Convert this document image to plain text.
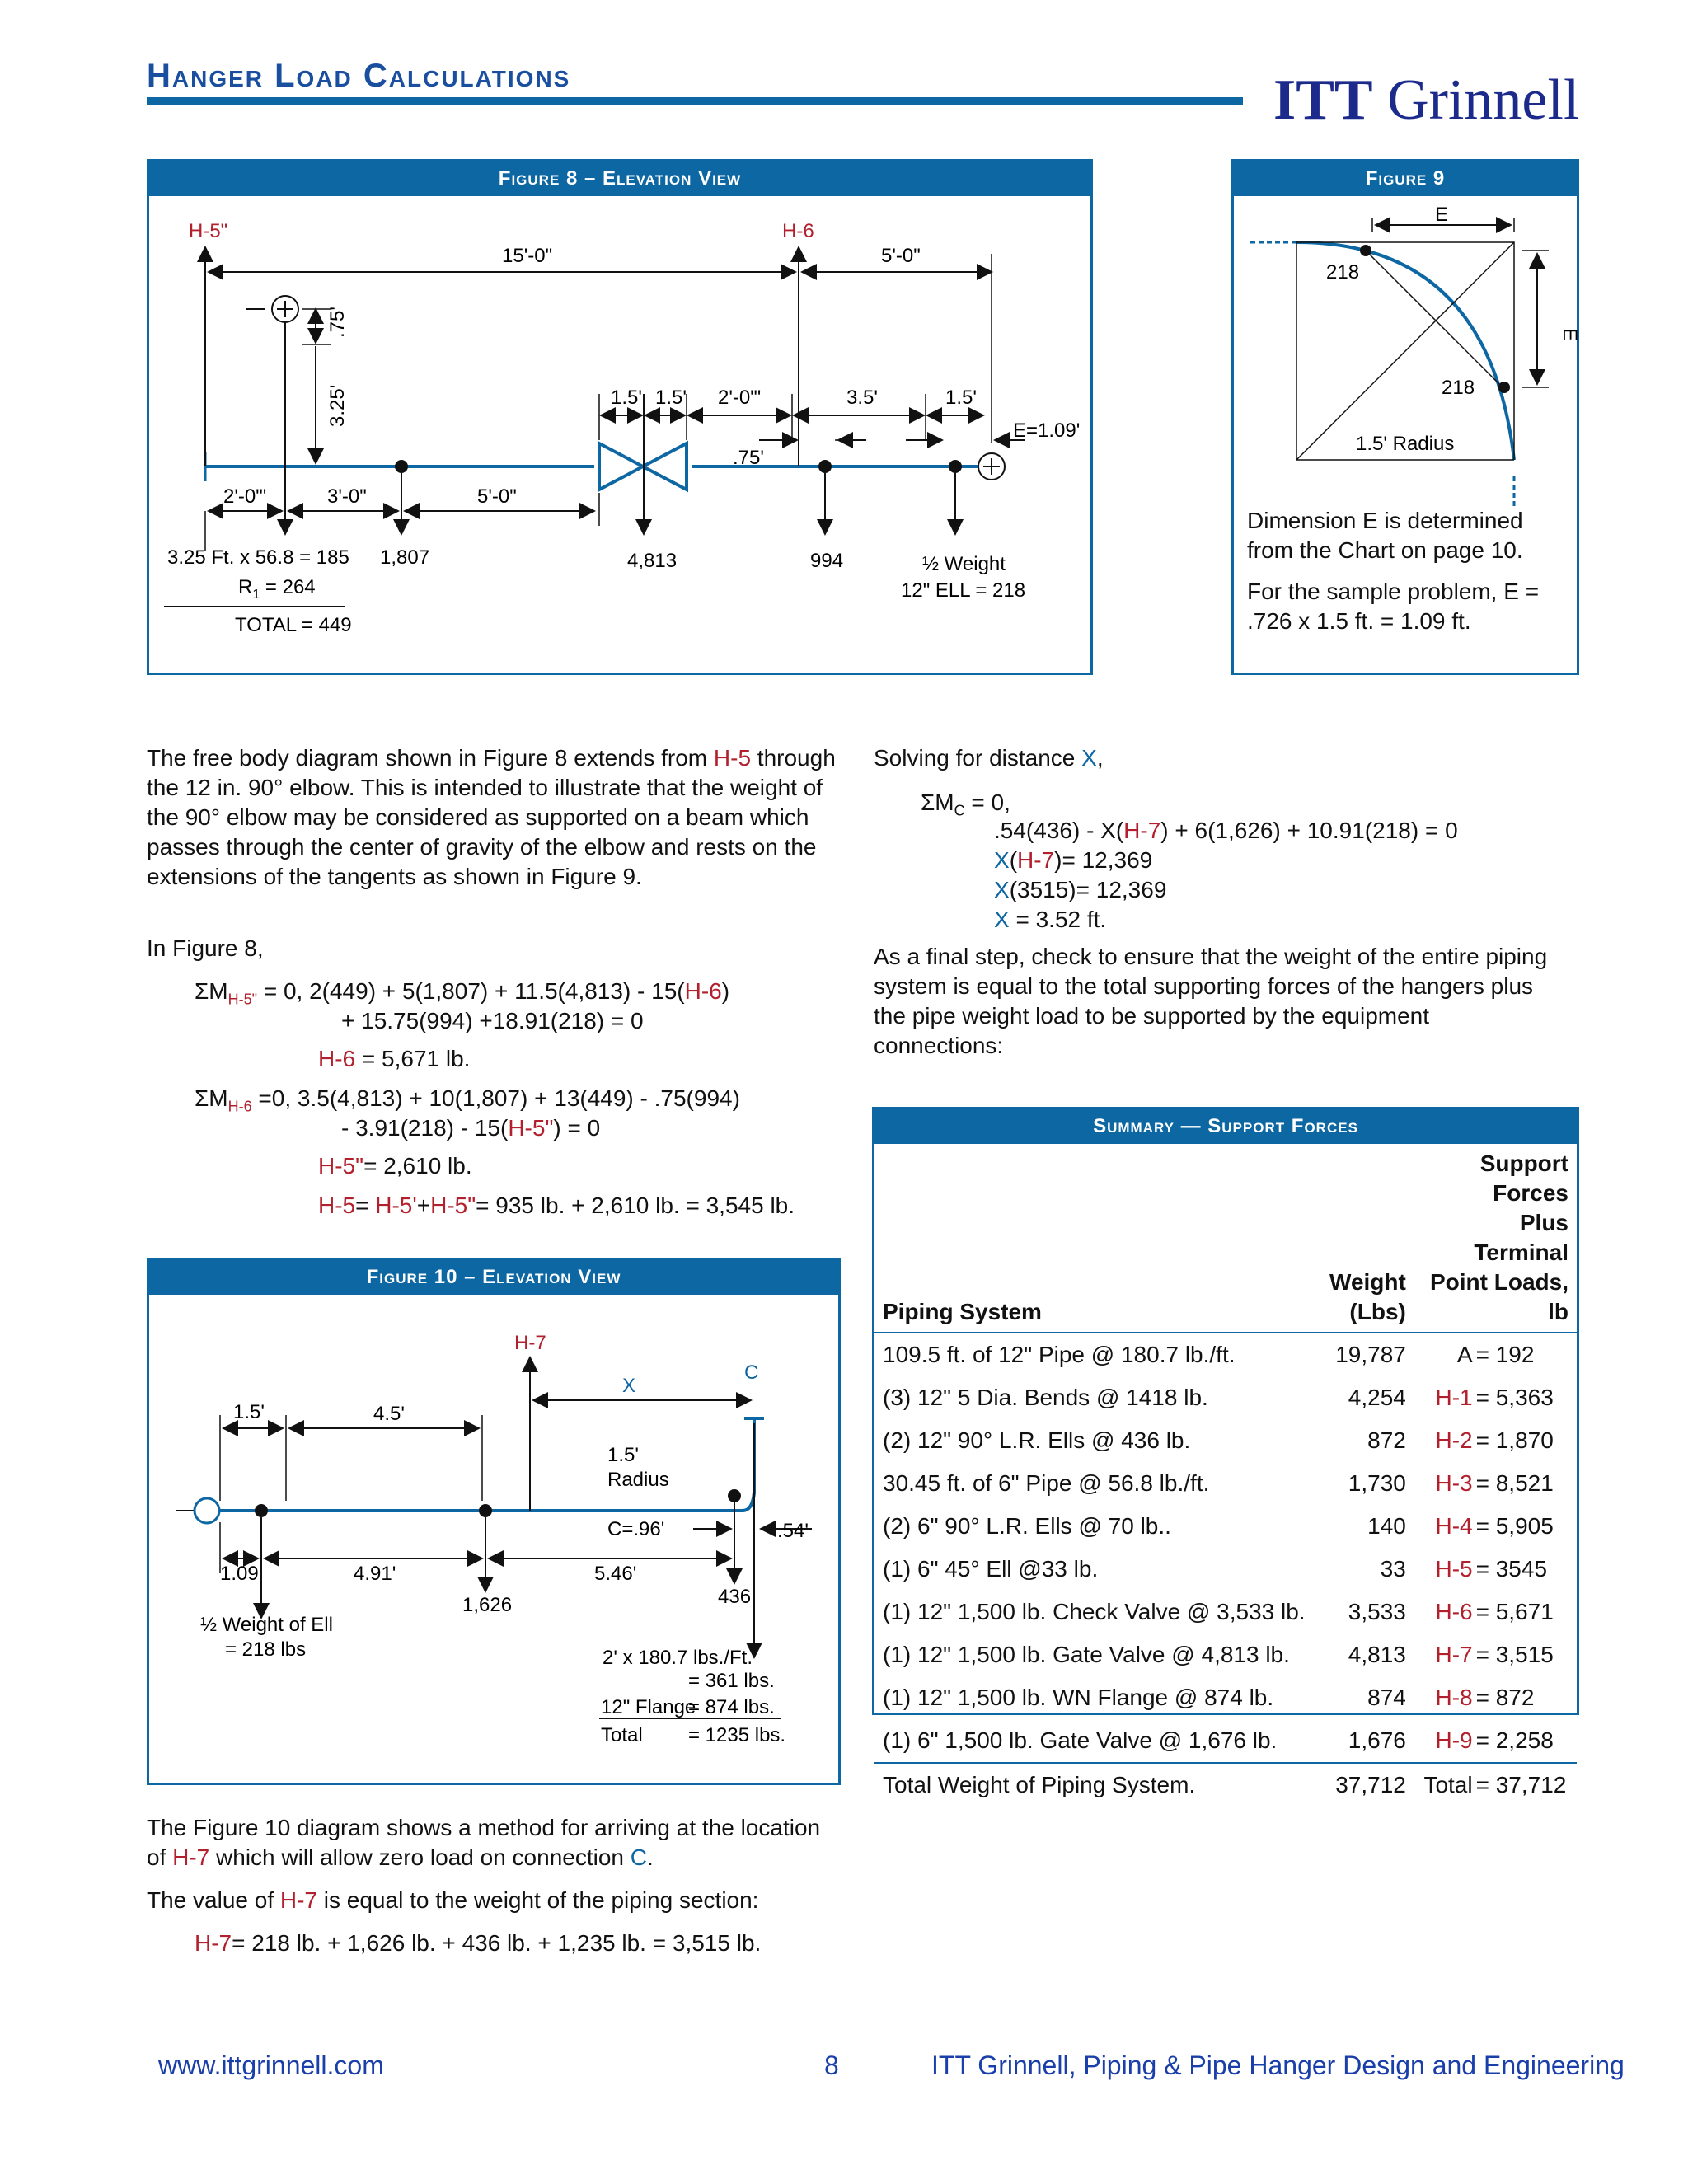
Hanger Load Calculations	ITT Grinnell
Figure 8 – Elevation View
H-5"	H-6
15'-0"	5'-0"
.75'
3.25'	1.5' 1.5' 2'-0"'	3.5'	1.5'
.75'
E=1.09'
2'-0"'	3'-0"	5'-0"
3.25 Ft. x 56.8 = 185
$R_1 = 264$
TOTAL = 449
1,807	4,813	994	½ Weight
12" ELL = 218
Figure 9
E
E
218
218
1.5' Radius
Dimension E is determined from the Chart on page 10.
For the sample problem, E = .726 x 1.5 ft. = 1.09 ft.
The free body diagram shown in Figure 8 extends from H-5 through the 12 in. 90° elbow. This is intended to illustrate that the weight of the 90° elbow may be considered as supported on a beam which passes through the center of gravity of the elbow and rests on the extensions of the tangents as shown in Figure 9.
In Figure 8,
$\Sigma M_{H-5"} = 0$, 2(449) + 5(1,807) + 11.5(4,813) - 15(H-6)
+ 15.75(994) +18.91(218) = 0
H-6 = 5,671 lb.
$\Sigma M_{H-6} =0$, 3.5(4,813) + 10(1,807) + 13(449) - .75(994)
- 3.91(218) - 15(H-5") = 0
H-5"= 2,610 lb.
H-5= H-5'+H-5"= 935 lb. + 2,610 lb. = 3,545 lb.
Solving for distance X,
$\Sigma M_C = 0$,
.54(436) - X(H-7) + 6(1,626) + 10.91(218) = 0
X(H-7)= 12,369
X(3515)= 12,369
X = 3.52 ft.
As a final step, check to ensure that the weight of the entire piping system is equal to the total supporting forces of the hangers plus the pipe weight load to be supported by the equipment connections:
Summary — Support Forces
Piping System	Weight (Lbs)	Support Forces
Plus Terminal
Point Loads, lb	
109.5 ft. of 12" Pipe @ 180.7 lb./ft.	19,787	A	= 192
(3) 12" 5 Dia. Bends @ 1418 lb.	4,254	H-1	= 5,363
(2) 12" 90° L.R. Ells @ 436 lb.	872	H-2	= 1,870
30.45 ft. of 6" Pipe @ 56.8 lb./ft.	1,730	H-3	= 8,521
(2) 6" 90° L.R. Ells @ 70 lb..	140	H-4	= 5,905
(1) 6" 45° Ell @33 lb.	33	H-5	= 3545
(1) 12" 1,500 lb. Check Valve @ 3,533 lb.	3,533	H-6	= 5,671
(1) 12" 1,500 lb. Gate Valve @ 4,813 lb.	4,813	H-7	= 3,515
(1) 12" 1,500 lb. WN Flange @ 874 lb.	874	H-8	= 872
(1) 6" 1,500 lb. Gate Valve @ 1,676 lb.	1,676	H-9	= 2,258
Total Weight of Piping System.	37,712	Total	= 37,712
Figure 10 – Elevation View
H-7
C
X
1.5'	4.5'
1.5'
Radius
C=.96'	.54'
1.09'	4.91'	5.46'
1,626	436
½ Weight of Ell
= 218 lbs	2' x 180.7 lbs./Ft.
= 361 lbs.
12" Flange
= 874 lbs.
Total = 1235 lbs.
The Figure 10 diagram shows a method for arriving at the location of H-7 which will allow zero load on connection C.
The value of H-7 is equal to the weight of the piping section:
H-7= 218 lb. + 1,626 lb. + 436 lb. + 1,235 lb. = 3,515 lb.
www.ittgrinnell.com	8	ITT Grinnell, Piping & Pipe Hanger Design and Engineering
